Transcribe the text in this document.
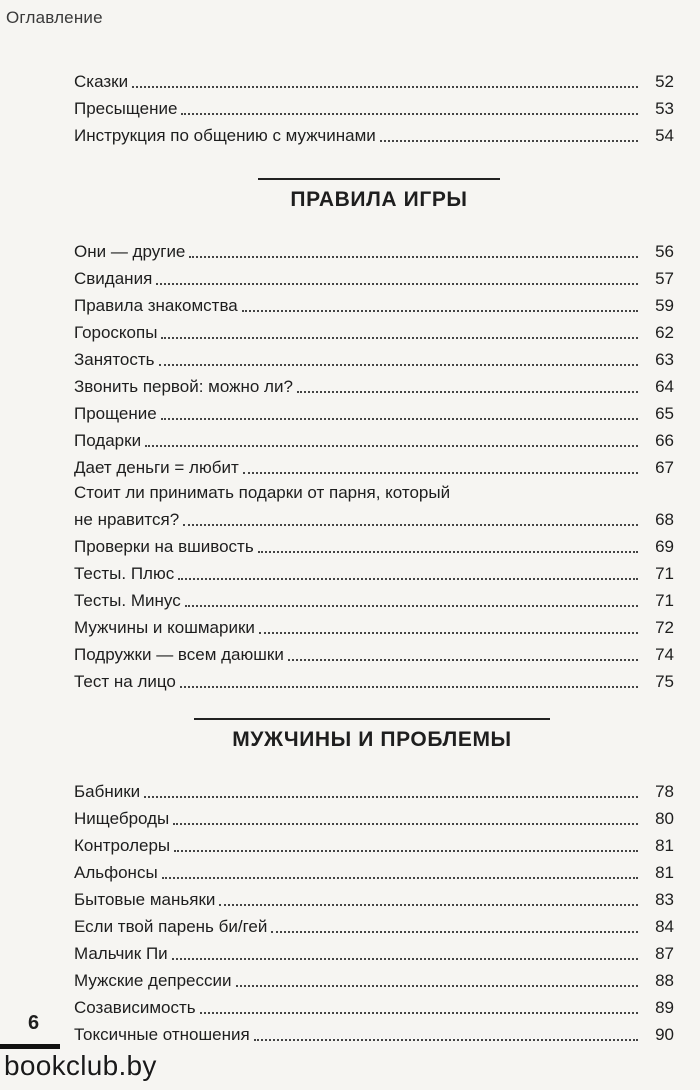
Оглавление
Сказки	52
Пресыщение	53
Инструкция по общению с мужчинами	54
ПРАВИЛА ИГРЫ
Они — другие	56
Свидания	57
Правила знакомства	59
Гороскопы	62
Занятость	63
Звонить первой: можно ли?	64
Прощение	65
Подарки	66
Дает деньги = любит	67
Стоит ли принимать подарки от парня, который
не нравится?	68
Проверки на вшивость	69
Тесты. Плюс	71
Тесты. Минус	71
Мужчины и кошмарики	72
Подружки — всем даюшки	74
Тест на лицо	75
МУЖЧИНЫ И ПРОБЛЕМЫ
Бабники	78
Нищеброды	80
Контролеры	81
Альфонсы	81
Бытовые маньяки	83
Если твой парень би/гей	84
Мальчик Пи	87
Мужские депрессии	88
Созависимость	89
Токсичные отношения	90
6
bookclub.by
